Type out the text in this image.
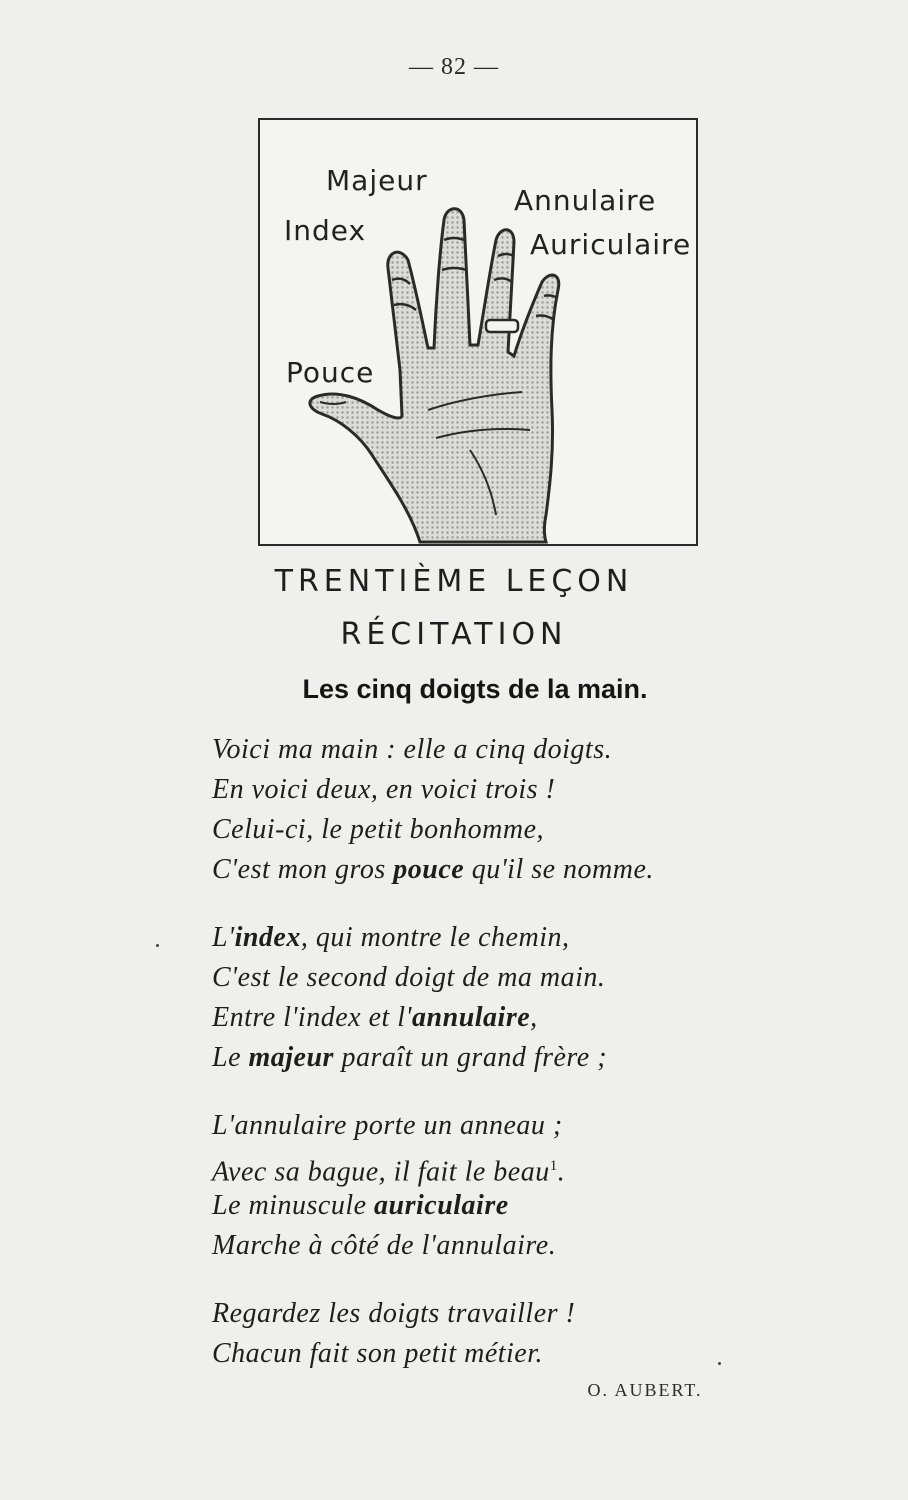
— 82 —
Majeur
Index
Annulaire
Auriculaire
Pouce
TRENTIÈME LEÇON
RÉCITATION
Les cinq doigts de la main.
Voici ma main : elle a cinq doigts.
En voici deux, en voici trois !
Celui-ci, le petit bonhomme,
C'est mon gros pouce qu'il se nomme.
L'index, qui montre le chemin,
C'est le second doigt de ma main.
Entre l'index et l'annulaire,
Le majeur paraît un grand frère ;
L'annulaire porte un anneau ;
Avec sa bague, il fait le beau$^1$.
Le minuscule auriculaire
Marche à côté de l'annulaire.
Regardez les doigts travailler !
Chacun fait son petit métier.
O. AUBERT.
